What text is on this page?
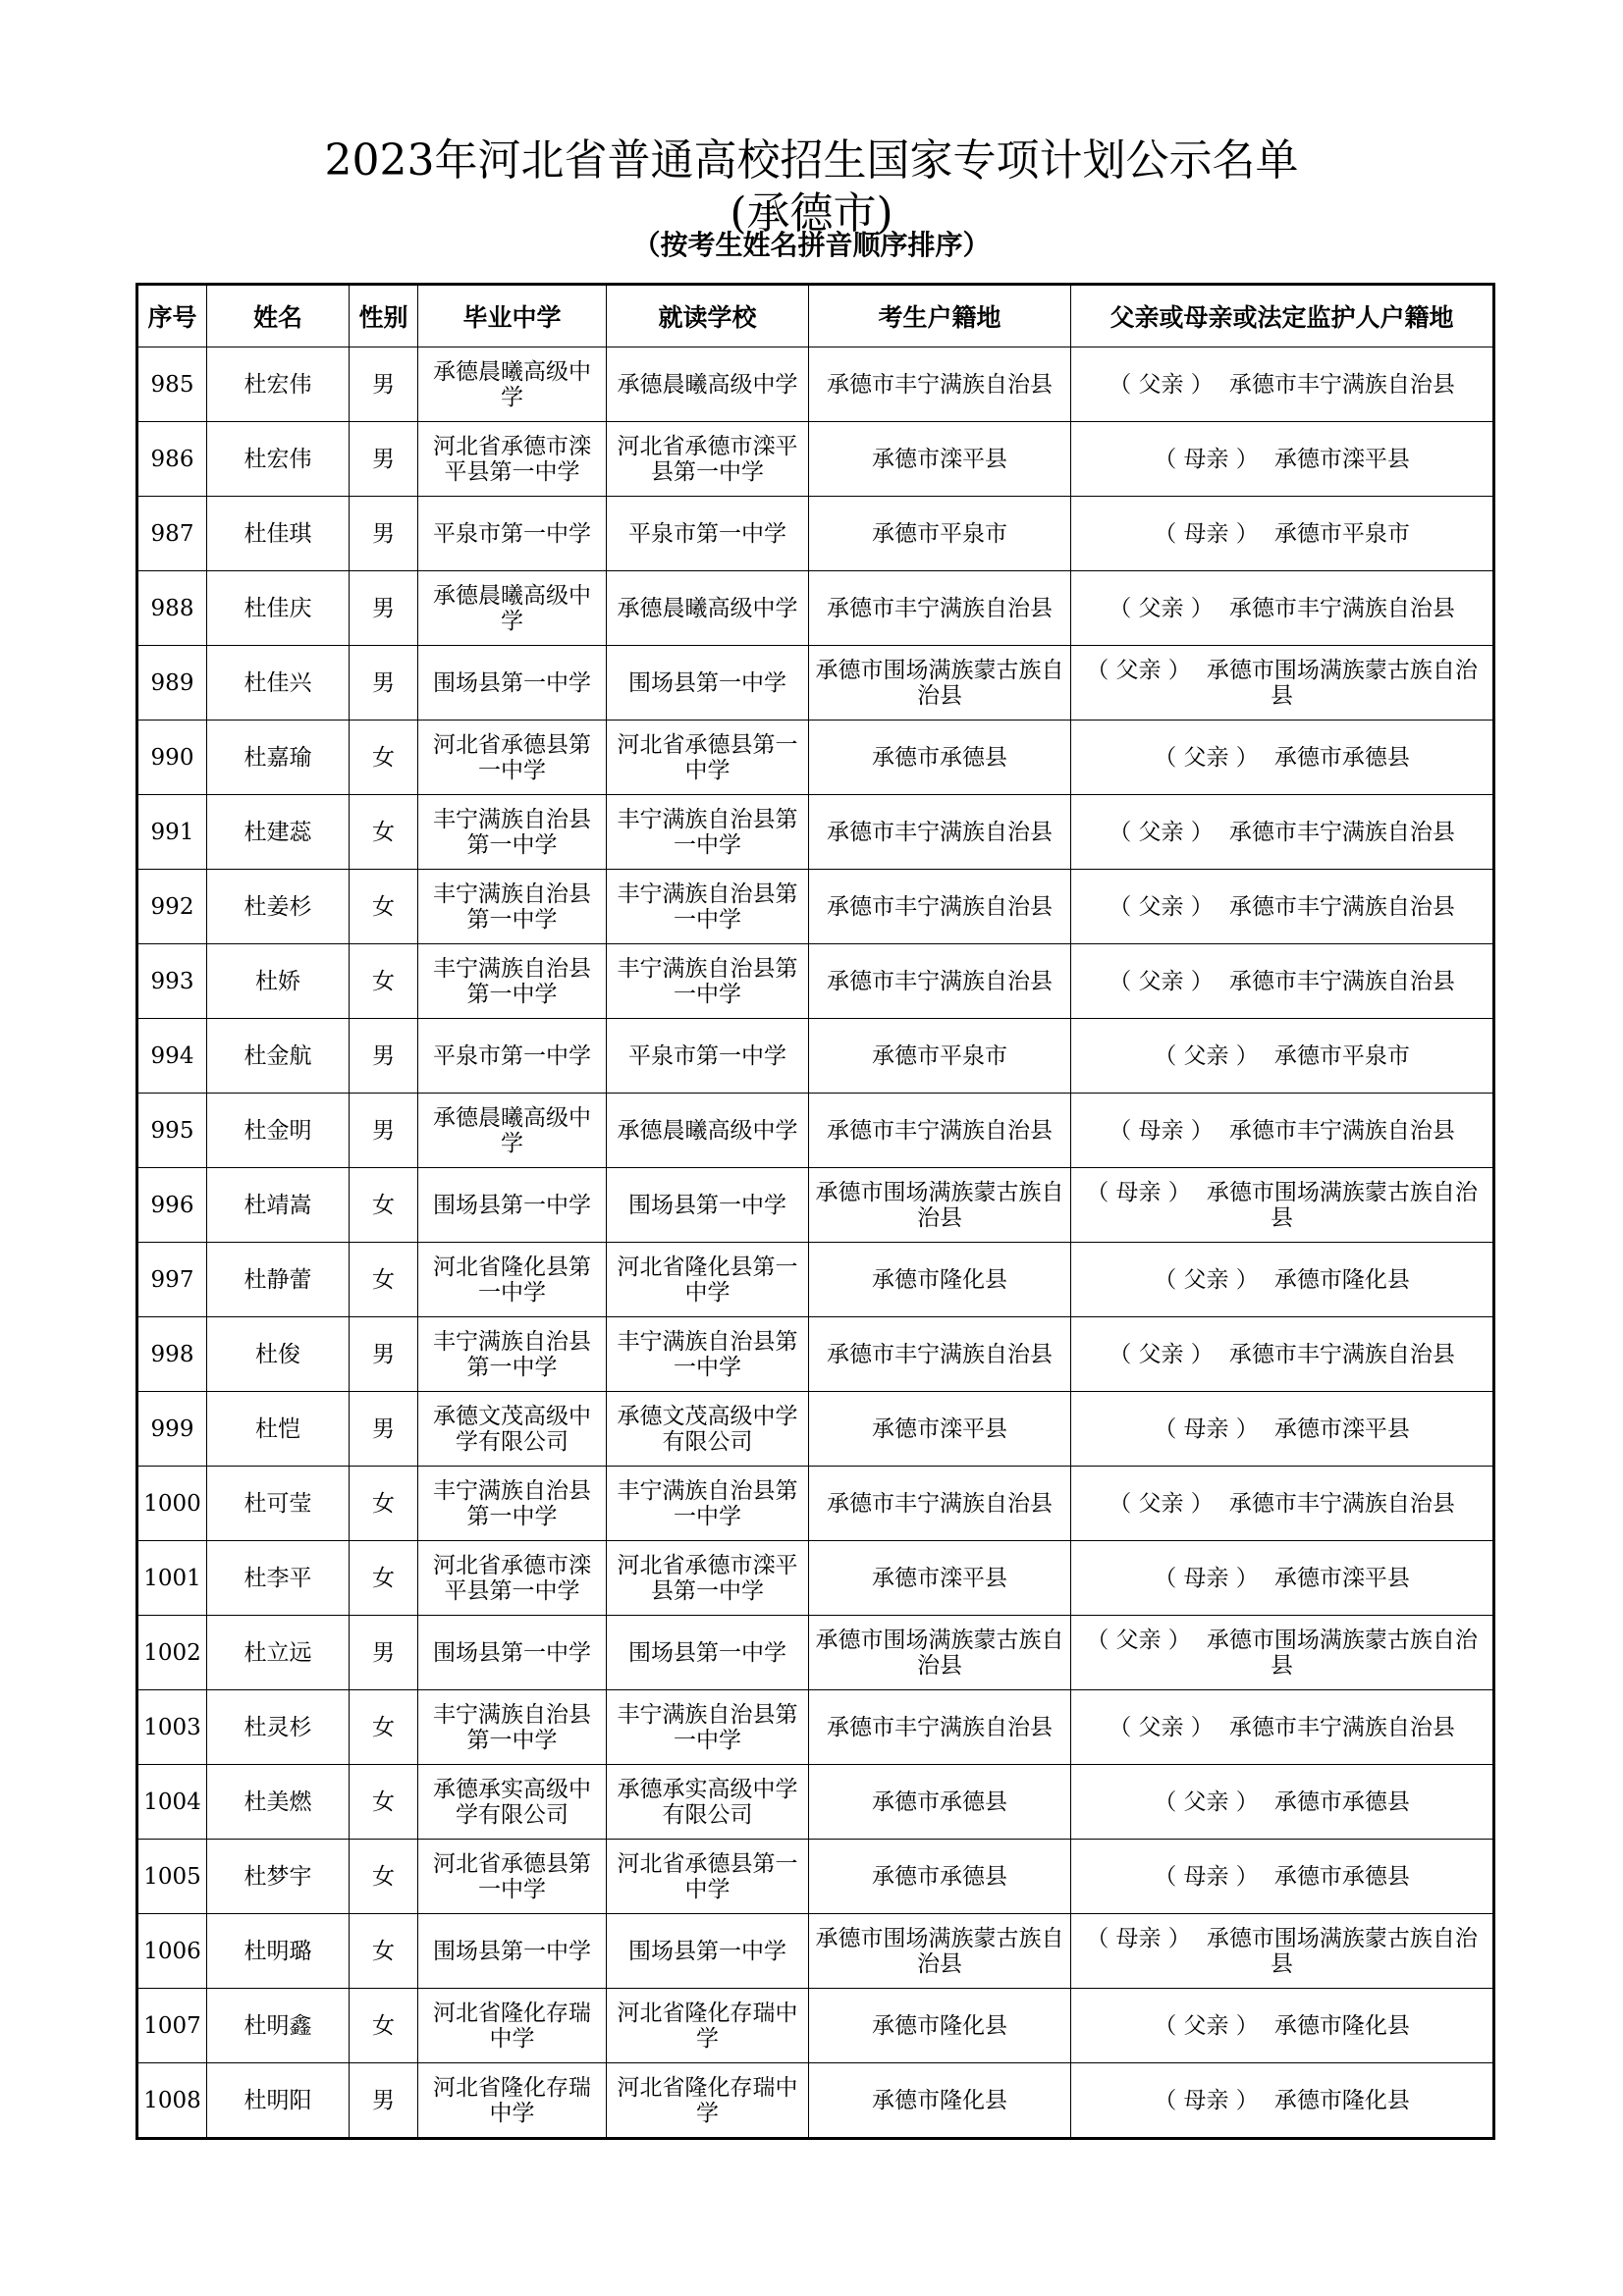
2023年河北省普通高校招生国家专项计划公示名单
(承德市)
（按考生姓名拼音顺序排序）
序号	姓名	性别	毕业中学	就读学校	考生户籍地	父亲或母亲或法定监护人户籍地
985	杜宏伟	男	承德晨曦高级中学	承德晨曦高级中学	承德市丰宁满族自治县	（ 父亲 ） 承德市丰宁满族自治县
986	杜宏伟	男	河北省承德市滦平县第一中学	河北省承德市滦平县第一中学	承德市滦平县	（ 母亲 ） 承德市滦平县
987	杜佳琪	男	平泉市第一中学	平泉市第一中学	承德市平泉市	（ 母亲 ） 承德市平泉市
988	杜佳庆	男	承德晨曦高级中学	承德晨曦高级中学	承德市丰宁满族自治县	（ 父亲 ） 承德市丰宁满族自治县
989	杜佳兴	男	围场县第一中学	围场县第一中学	承德市围场满族蒙古族自治县	（ 父亲 ） 承德市围场满族蒙古族自治县
990	杜嘉瑜	女	河北省承德县第一中学	河北省承德县第一中学	承德市承德县	（ 父亲 ） 承德市承德县
991	杜建蕊	女	丰宁满族自治县第一中学	丰宁满族自治县第一中学	承德市丰宁满族自治县	（ 父亲 ） 承德市丰宁满族自治县
992	杜姜杉	女	丰宁满族自治县第一中学	丰宁满族自治县第一中学	承德市丰宁满族自治县	（ 父亲 ） 承德市丰宁满族自治县
993	杜娇	女	丰宁满族自治县第一中学	丰宁满族自治县第一中学	承德市丰宁满族自治县	（ 父亲 ） 承德市丰宁满族自治县
994	杜金航	男	平泉市第一中学	平泉市第一中学	承德市平泉市	（ 父亲 ） 承德市平泉市
995	杜金明	男	承德晨曦高级中学	承德晨曦高级中学	承德市丰宁满族自治县	（ 母亲 ） 承德市丰宁满族自治县
996	杜靖嵩	女	围场县第一中学	围场县第一中学	承德市围场满族蒙古族自治县	（ 母亲 ） 承德市围场满族蒙古族自治县
997	杜静蕾	女	河北省隆化县第一中学	河北省隆化县第一中学	承德市隆化县	（ 父亲 ） 承德市隆化县
998	杜俊	男	丰宁满族自治县第一中学	丰宁满族自治县第一中学	承德市丰宁满族自治县	（ 父亲 ） 承德市丰宁满族自治县
999	杜恺	男	承德文茂高级中学有限公司	承德文茂高级中学有限公司	承德市滦平县	（ 母亲 ） 承德市滦平县
1000	杜可莹	女	丰宁满族自治县第一中学	丰宁满族自治县第一中学	承德市丰宁满族自治县	（ 父亲 ） 承德市丰宁满族自治县
1001	杜李平	女	河北省承德市滦平县第一中学	河北省承德市滦平县第一中学	承德市滦平县	（ 母亲 ） 承德市滦平县
1002	杜立远	男	围场县第一中学	围场县第一中学	承德市围场满族蒙古族自治县	（ 父亲 ） 承德市围场满族蒙古族自治县
1003	杜灵杉	女	丰宁满族自治县第一中学	丰宁满族自治县第一中学	承德市丰宁满族自治县	（ 父亲 ） 承德市丰宁满族自治县
1004	杜美燃	女	承德承实高级中学有限公司	承德承实高级中学有限公司	承德市承德县	（ 父亲 ） 承德市承德县
1005	杜梦宇	女	河北省承德县第一中学	河北省承德县第一中学	承德市承德县	（ 母亲 ） 承德市承德县
1006	杜明璐	女	围场县第一中学	围场县第一中学	承德市围场满族蒙古族自治县	（ 母亲 ） 承德市围场满族蒙古族自治县
1007	杜明鑫	女	河北省隆化存瑞中学	河北省隆化存瑞中学	承德市隆化县	（ 父亲 ） 承德市隆化县
1008	杜明阳	男	河北省隆化存瑞中学	河北省隆化存瑞中学	承德市隆化县	（ 母亲 ） 承德市隆化县
